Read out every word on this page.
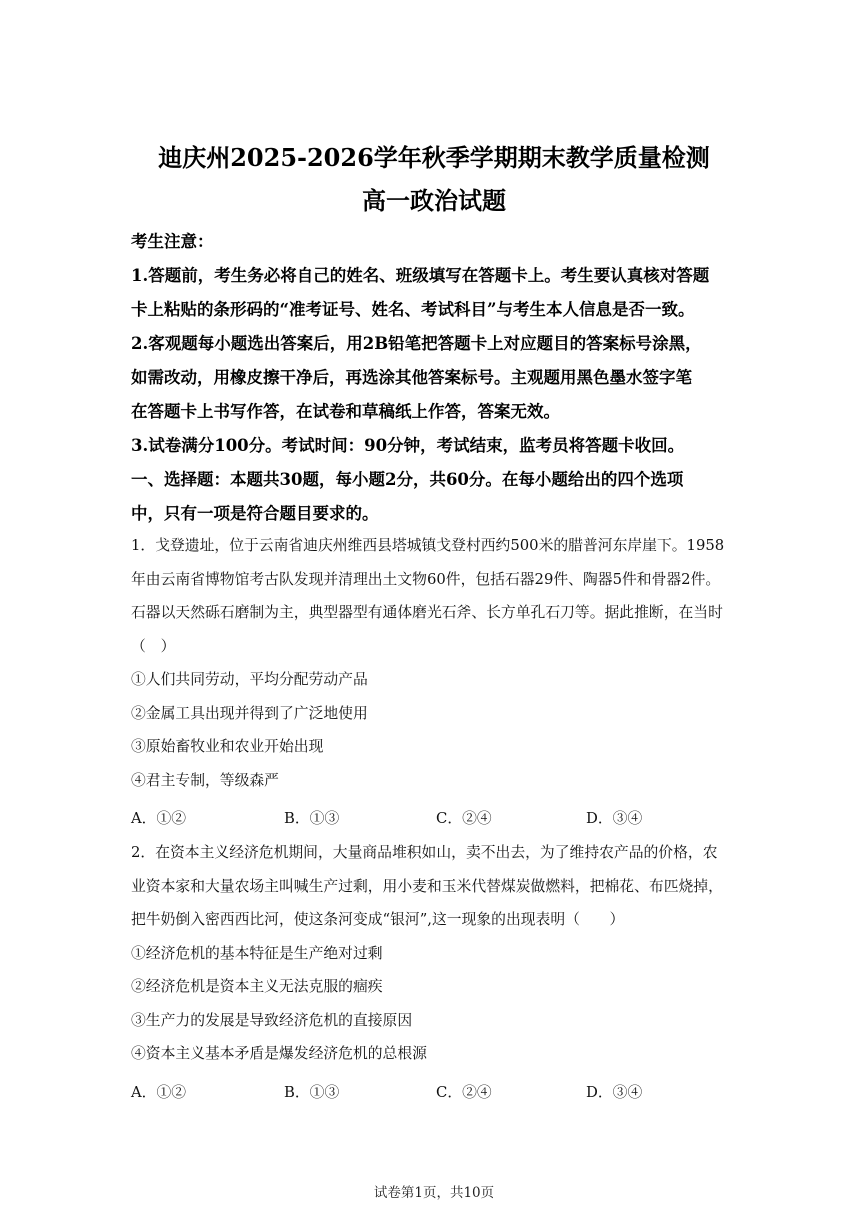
迪庆州2025-2026学年秋季学期期末教学质量检测
高一政治试题
考生注意：
1.答题前，考生务必将自己的姓名、班级填写在答题卡上。考生要认真核对答题
卡上粘贴的条形码的“准考证号、姓名、考试科目”与考生本人信息是否一致。
2.客观题每小题选出答案后，用2B铅笔把答题卡上对应题目的答案标号涂黑，
如需改动，用橡皮擦干净后，再选涂其他答案标号。主观题用黑色墨水签字笔
在答题卡上书写作答，在试卷和草稿纸上作答，答案无效。
3.试卷满分100分。考试时间：90分钟，考试结束，监考员将答题卡收回。
一、选择题：本题共30题，每小题2分，共60分。在每小题给出的四个选项
中，只有一项是符合题目要求的。
1．戈登遗址，位于云南省迪庆州维西县塔城镇戈登村西约500米的腊普河东岸崖下。1958
年由云南省博物馆考古队发现并清理出土文物60件，包括石器29件、陶器5件和骨器2件。
石器以天然砾石磨制为主，典型器型有通体磨光石斧、长方单孔石刀等。据此推断，在当时
（　）
①人们共同劳动，平均分配劳动产品
②金属工具出现并得到了广泛地使用
③原始畜牧业和农业开始出现
④君主专制，等级森严
A．①②	B．①③	C．②④	D．③④
2．在资本主义经济危机期间，大量商品堆积如山，卖不出去，为了维持农产品的价格，农
业资本家和大量农场主叫喊生产过剩，用小麦和玉米代替煤炭做燃料，把棉花、布匹烧掉，
把牛奶倒入密西西比河，使这条河变成“银河”,这一现象的出现表明（　　）
①经济危机的基本特征是生产绝对过剩
②经济危机是资本主义无法克服的痼疾
③生产力的发展是导致经济危机的直接原因
④资本主义基本矛盾是爆发经济危机的总根源
A．①②	B．①③	C．②④	D．③④
试卷第1页，共10页
